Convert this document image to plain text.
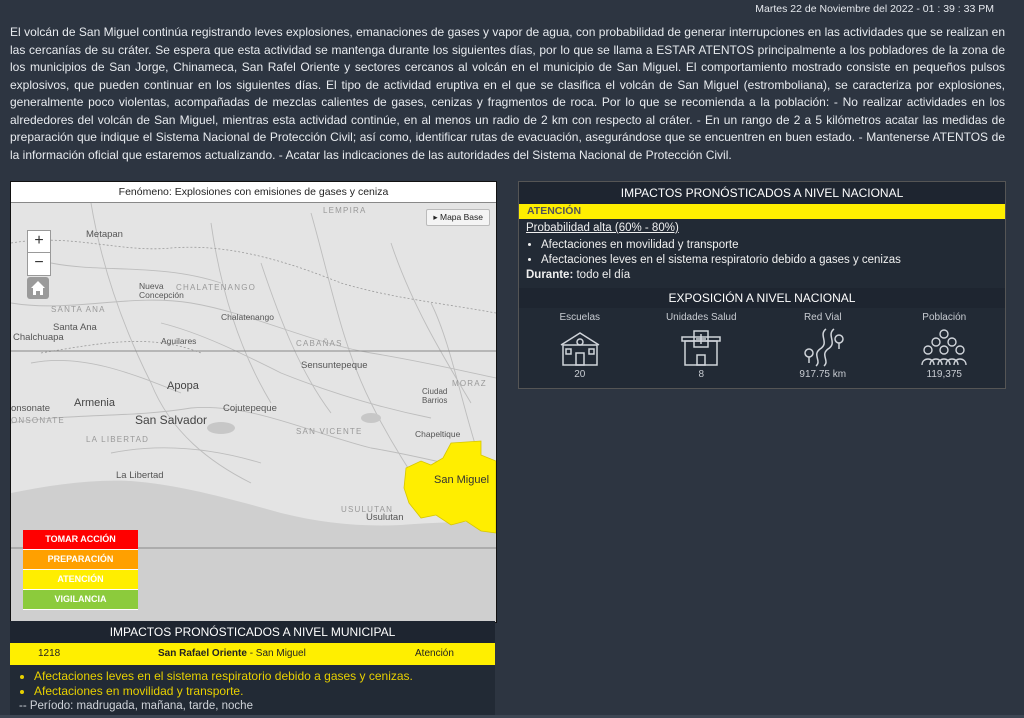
Martes 22 de Noviembre del 2022 - 01 : 39 : 33 PM
El volcán de San Miguel continúa registrando leves explosiones, emanaciones de gases y vapor de agua, con probabilidad de generar interrupciones en las actividades que se realizan en las cercanías de su cráter. Se espera que esta actividad se mantenga durante los siguientes días, por lo que se llama a ESTAR ATENTOS principalmente a los pobladores de la zona de los municipios de San Jorge, Chinameca, San Rafel Oriente y sectores cercanos al volcán en el municipio de San Miguel. El comportamiento mostrado consiste en pequeños pulsos explosivos, que pueden continuar en los siguientes días. El tipo de actividad eruptiva en el que se clasifica el volcán de San Miguel (estromboliana), se caracteriza por explosiones, generalmente poco violentas, acompañadas de mezclas calientes de gases, cenizas y fragmentos de roca. Por lo que se recomienda a la población: - No realizar actividades en los alrededores del volcán de San Miguel, mientras esta actividad continúe, en al menos un radio de 2 km con respecto al cráter. - En un rango de 2 a 5 kilómetros acatar las medidas de preparación que indique el Sistema Nacional de Protección Civil; así como, identificar rutas de evacuación, asegurándose que se encuentren en buen estado. - Mantenerse ATENTOS de la información oficial que estaremos actualizando. - Acatar las indicaciones de las autoridades del Sistema Nacional de Protección Civil.
Fenómeno: Explosiones con emisiones de gases y ceniza
Metapan
LEMPIRA
Nueva
Concepción
CHALATENANGO
Chalatenango
SANTA ANA
Santa Ana
Chalchuapa	Aguilares	CABAÑAS
Sensuntepeque
Apopa
Armenia
onsonate
ONSONATE	San Salvador
Cojutepeque
LA LIBERTAD
SAN VICENTE
Ciudad
Barrios
MORAZ
Chapeltique
La Libertad	San Miguel
USULUTAN
Usulutan
+
−
▸ Mapa Base
TOMAR ACCIÓN
PREPARACIÓN
ATENCIÓN
VIGILANCIA
IMPACTOS PRONÓSTICADOS A NIVEL MUNICIPAL
1218	San Rafael Oriente - San Miguel	Atención
• Afectaciones leves en el sistema respiratorio debido a gases y cenizas.
• Afectaciones en movilidad y transporte.
-- Período: madrugada, mañana, tarde, noche
IMPACTOS PRONÓSTICADOS A NIVEL NACIONAL
ATENCIÓN
Probabilidad alta (60% - 80%)
• Afectaciones en movilidad y transporte
• Afectaciones leves en el sistema respiratorio debido a gases y cenizas
Durante: todo el día
EXPOSICIÓN A NIVEL NACIONAL
Escuelas
20
Unidades Salud
8
Red Vial
917.75 km
Población
119,375
